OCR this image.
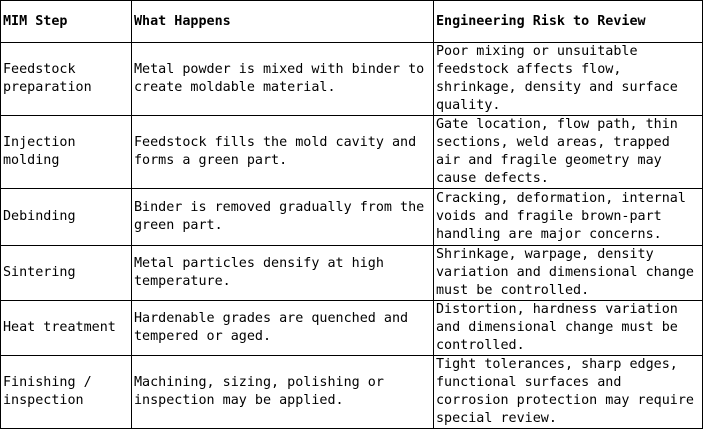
MIM Step	What Happens	Engineering Risk to Review
Feedstock preparation	Metal powder is mixed with binder to create moldable material.	Poor mixing or unsuitable feedstock affects flow, shrinkage, density and surface quality.
Injection molding	Feedstock fills the mold cavity and forms a green part.	Gate location, flow path, thin sections, weld areas, trapped air and fragile geometry may cause defects.
Debinding	Binder is removed gradually from the green part.	Cracking, deformation, internal voids and fragile brown-part handling are major concerns.
Sintering	Metal particles densify at high temperature.	Shrinkage, warpage, density variation and dimensional change must be controlled.
Heat treatment	Hardenable grades are quenched and tempered or aged.	Distortion, hardness variation and dimensional change must be controlled.
Finishing / inspection	Machining, sizing, polishing or inspection may be applied.	Tight tolerances, sharp edges, functional surfaces and corrosion protection may require special review.
